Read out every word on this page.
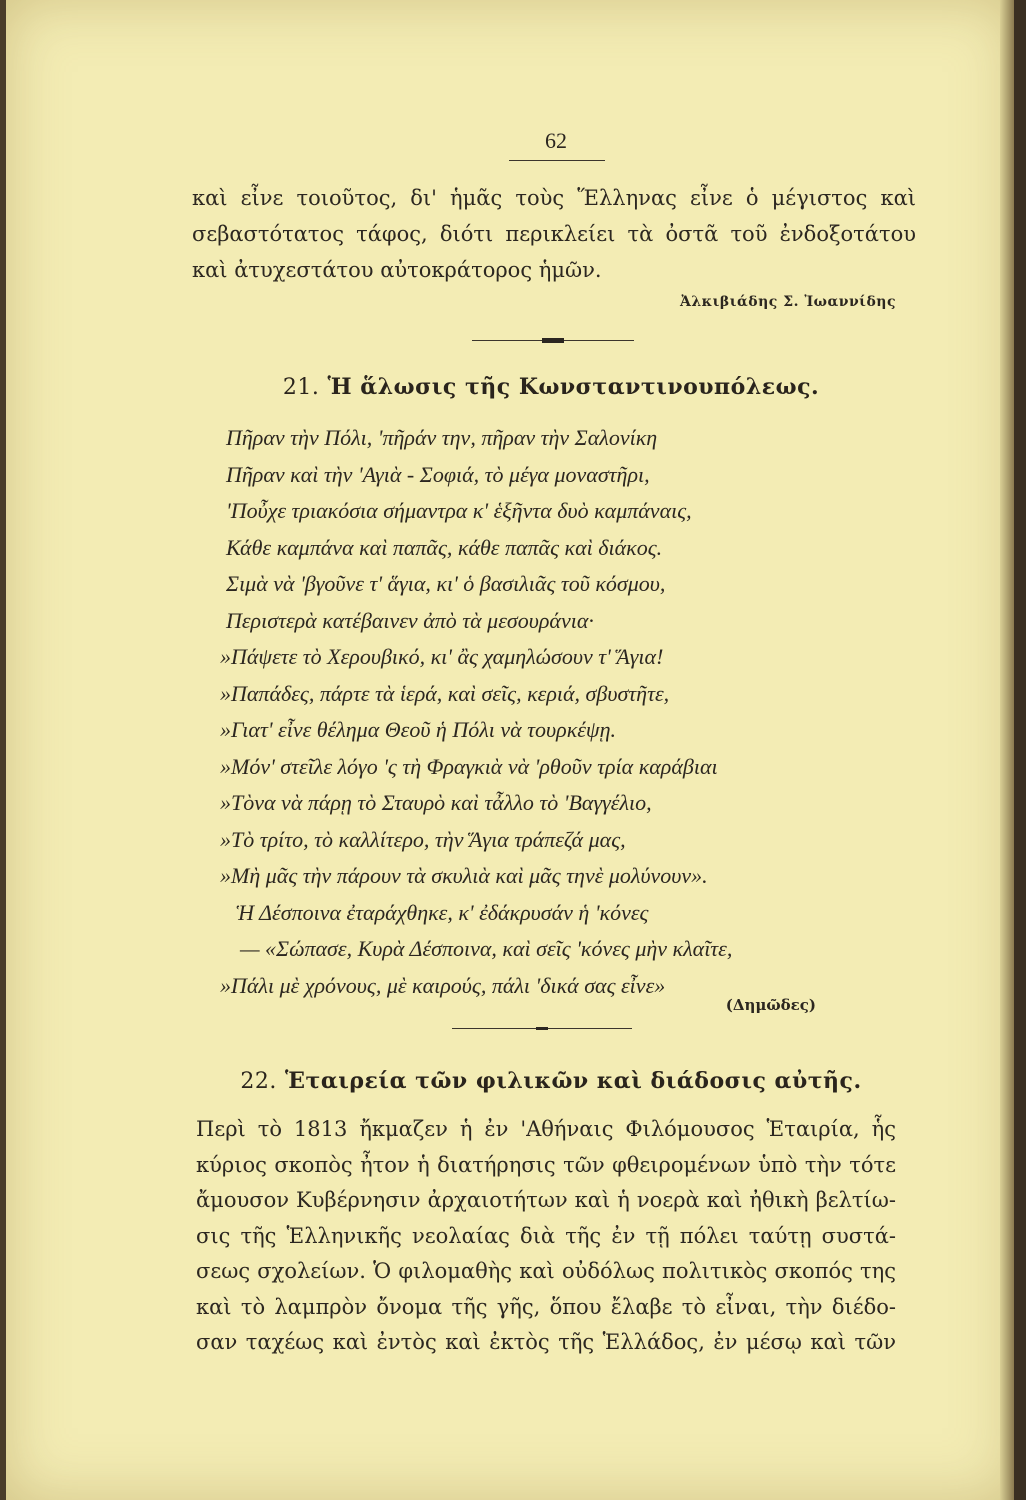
62
καὶ εἶνε τοιοῦτος, δι' ἡμᾶς τοὺς Ἕλληνας εἶνε ὁ μέγιστος καὶ
σεβαστότατος τάφος, διότι περικλείει τὰ ὀστᾶ τοῦ ἐνδοξοτάτου
καὶ ἀτυχεστάτου αὐτοκράτορος ἡμῶν.
Ἀλκιβιάδης Σ. Ἰωαννίδης
21. Ἡ ἅλωσις τῆς Κωνσταντινουπόλεως.
Πῆραν τὴν Πόλι, 'πῆράν την, πῆραν τὴν Σαλονίκη
Πῆραν καὶ τὴν 'Αγιὰ - Σοφιά, τὸ μέγα μοναστῆρι,
'Ποὖχε τριακόσια σήμαντρα κ' ἑξῆντα δυὸ καμπάναις,
Κάθε καμπάνα καὶ παπᾶς, κάθε παπᾶς καὶ διάκος.
Σιμὰ νὰ 'βγοῦνε τ' ἅγια, κι' ὁ βασιλιᾶς τοῦ κόσμου,
Περιστερὰ κατέβαινεν ἀπὸ τὰ μεσουράνια·
»Πάψετε τὸ Χερουβικό, κι' ἂς χαμηλώσουν τ' Ἅγια!
»Παπάδες, πάρτε τὰ ἱερά, καὶ σεῖς, κεριά, σβυστῆτε,
»Γιατ' εἶνε θέλημα Θεοῦ ἡ Πόλι νὰ τουρκέψῃ.
»Μόν' στεῖλε λόγο 'ς τὴ Φραγκιὰ νὰ 'ρθοῦν τρία καράβιαι
»Τὸνα νὰ πάρῃ τὸ Σταυρὸ καὶ τἆλλο τὸ 'Βαγγέλιο,
»Τὸ τρίτο, τὸ καλλίτερο, τὴν Ἅγια τράπεζά μας,
»Μὴ μᾶς τὴν πάρουν τὰ σκυλιὰ καὶ μᾶς τηνὲ μολύνουν».
Ἡ Δέσποινα ἐταράχθηκε, κ' ἐδάκρυσάν ἡ 'κόνες
— «Σώπασε, Κυρὰ Δέσποινα, καὶ σεῖς 'κόνες μὴν κλαῖτε,
»Πάλι μὲ χρόνους, μὲ καιρούς, πάλι 'δικά σας εἶνε»
(Δημῶδες)
22. Ἑταιρεία τῶν φιλικῶν καὶ διάδοσις αὐτῆς.
Περὶ τὸ 1813 ἤκμαζεν ἡ ἐν 'Αθήναις Φιλόμουσος Ἑταιρία, ἧς
κύριος σκοπὸς ἦτον ἡ διατήρησις τῶν φθειρομένων ὑπὸ τὴν τότε
ἄμουσον Κυβέρνησιν ἀρχαιοτήτων καὶ ἡ νοερὰ καὶ ἠθικὴ βελτίω-
σις τῆς Ἑλληνικῆς νεολαίας διὰ τῆς ἐν τῇ πόλει ταύτῃ συστά-
σεως σχολείων. Ὁ φιλομαθὴς καὶ οὐδόλως πολιτικὸς σκοπός της
καὶ τὸ λαμπρὸν ὄνομα τῆς γῆς, ὅπου ἔλαβε τὸ εἶναι, τὴν διέδο-
σαν ταχέως καὶ ἐντὸς καὶ ἐκτὸς τῆς Ἑλλάδος, ἐν μέσῳ καὶ τῶν
